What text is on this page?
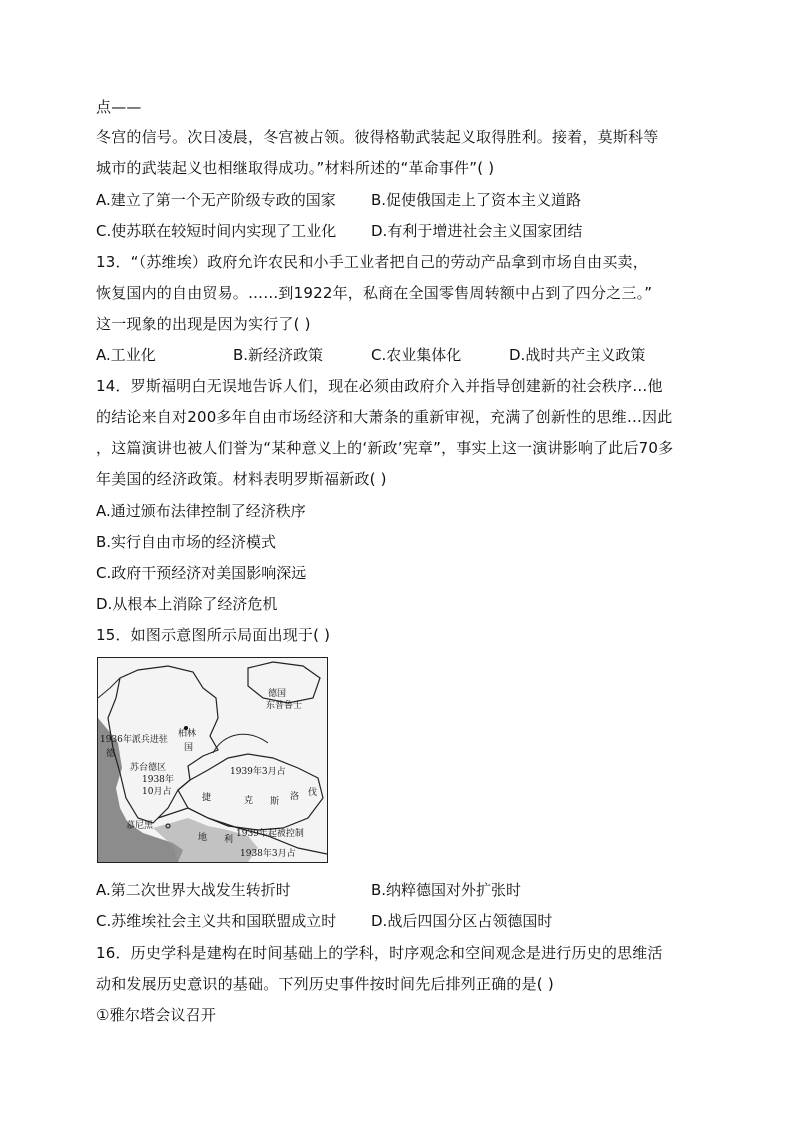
点——
冬宫的信号。次日凌晨，冬宫被占领。彼得格勒武装起义取得胜利。接着，莫斯科等
城市的武装起义也相继取得成功。”材料所述的“革命事件”( )
A.建立了第一个无产阶级专政的国家 B.促使俄国走上了资本主义道路
C.使苏联在较短时间内实现了工业化 D.有利于增进社会主义国家团结
13．“（苏维埃）政府允许农民和小手工业者把自己的劳动产品拿到市场自由买卖，
恢复国内的自由贸易。……到1922年，私商在全国零售周转额中占到了四分之三。”
这一现象的出现是因为实行了( )
A.工业化	B.新经济政策	C.农业集体化	D.战时共产主义政策
14．罗斯福明白无误地告诉人们，现在必须由政府介入并指导创建新的社会秩序…他
的结论来自对200多年自由市场经济和大萧条的重新审视，充满了创新性的思维…因此
，这篇演讲也被人们誉为“某种意义上的‘新政’宪章”，事实上这一演讲影响了此后70多
年美国的经济政策。材料表明罗斯福新政( )
A.通过颁布法律控制了经济秩序
B.实行自由市场的经济模式
C.政府干预经济对美国影响深远
D.从根本上消除了经济危机
15．如图示意图所示局面出现于( )
德国
东普鲁士
柏林
国
1936年派兵进驻
德
苏台德区
1938年
10月占
1939年3月占
捷	克 斯 洛 伐
慕尼黑
地 利
1939年起被控制
1938年3月占
A.第二次世界大战发生转折时	B.纳粹德国对外扩张时
C.苏维埃社会主义共和国联盟成立时 D.战后四国分区占领德国时
16．历史学科是建构在时间基础上的学科，时序观念和空间观念是进行历史的思维活
动和发展历史意识的基础。下列历史事件按时间先后排列正确的是( )
①雅尔塔会议召开
